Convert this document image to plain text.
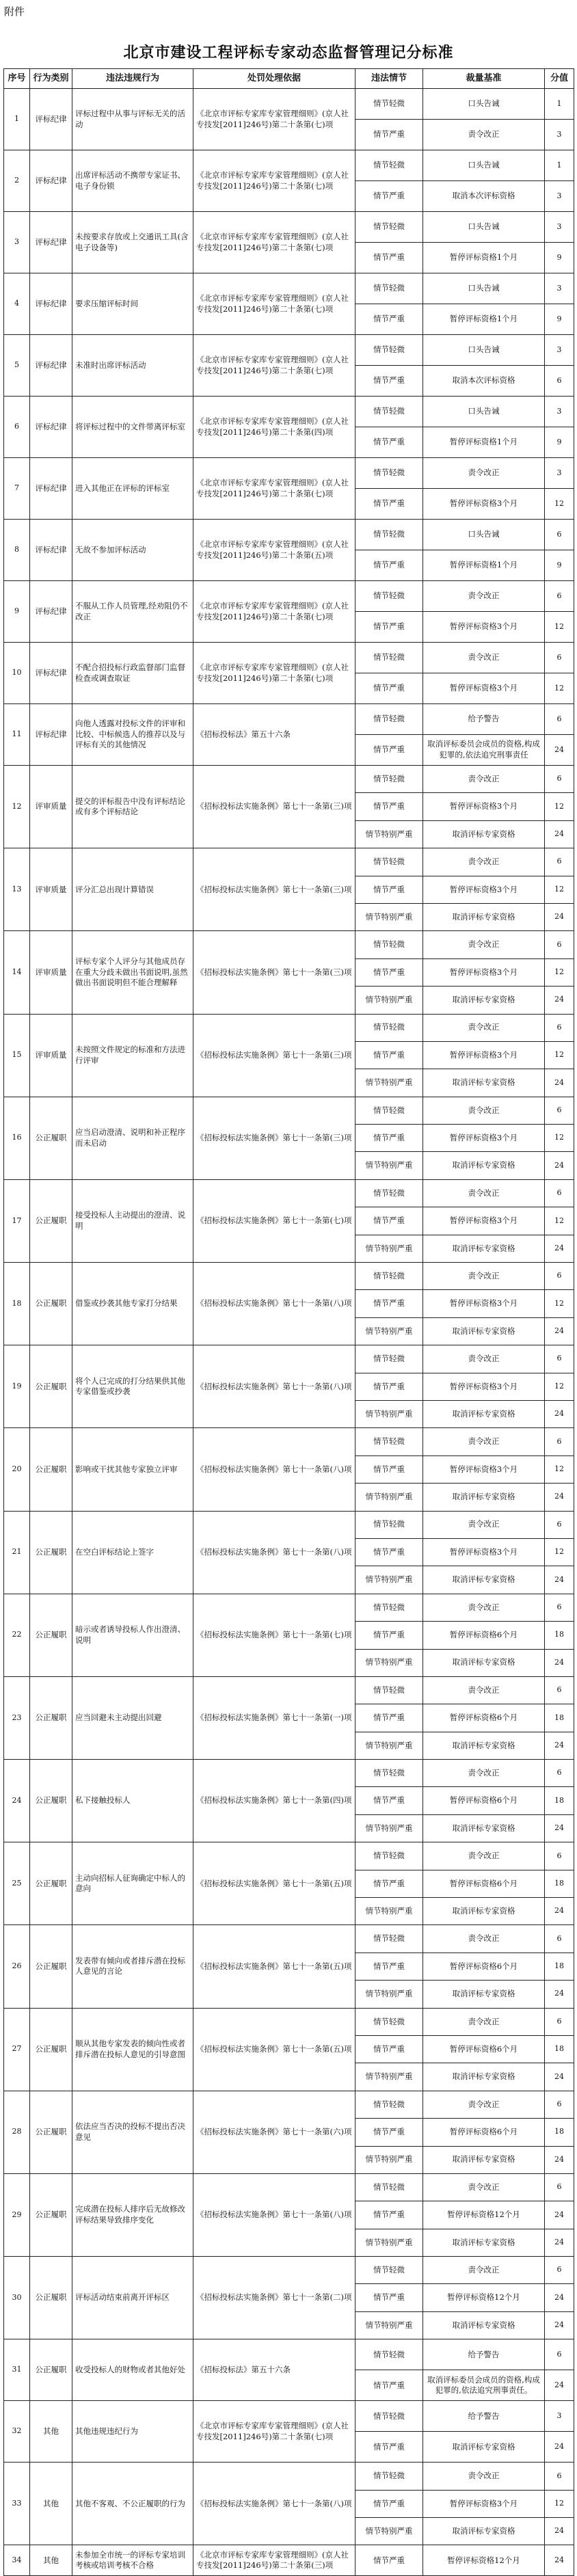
附件
北京市建设工程评标专家动态监督管理记分标准
序号	行为类别	违法违规行为	处罚处理依据	违法情节	裁量基准	分值
1	评标纪律	评标过程中从事与评标无关的活动	《北京市评标专家库专家管理细则》(京人社专技发[2011]246号)第二十条第(七)项	情节轻微	口头告诫	1
				情节严重	责令改正	3
2	评标纪律	出席评标活动不携带专家证书、电子身份锁	《北京市评标专家库专家管理细则》(京人社专技发[2011]246号)第二十条第(七)项	情节轻微	口头告诫	1
				情节严重	取消本次评标资格	3
3	评标纪律	未按要求存放或上交通讯工具(含电子设备等)	《北京市评标专家库专家管理细则》(京人社专技发[2011]246号)第二十条第(七)项	情节轻微	口头告诫	3
				情节严重	暂停评标资格1个月	9
4	评标纪律	要求压缩评标时间	《北京市评标专家库专家管理细则》(京人社专技发[2011]246号)第二十条第(七)项	情节轻微	口头告诫	3
				情节严重	暂停评标资格1个月	9
5	评标纪律	未准时出席评标活动	《北京市评标专家库专家管理细则》(京人社专技发[2011]246号)第二十条第(七)项	情节轻微	口头告诫	3
				情节严重	取消本次评标资格	6
6	评标纪律	将评标过程中的文件带离评标室	《北京市评标专家库专家管理细则》(京人社专技发[2011]246号)第二十条第(四)项	情节轻微	口头告诫	3
				情节严重	暂停评标资格1个月	9
7	评标纪律	进入其他正在评标的评标室	《北京市评标专家库专家管理细则》(京人社专技发[2011]246号)第二十条第(七)项	情节轻微	责令改正	3
				情节严重	暂停评标资格3个月	12
8	评标纪律	无故不参加评标活动	《北京市评标专家库专家管理细则》(京人社专技发[2011]246号)第二十条第(五)项	情节轻微	口头告诫	6
				情节严重	暂停评标资格1个月	9
9	评标纪律	不服从工作人员管理,经劝阻仍不改正	《北京市评标专家库专家管理细则》(京人社专技发[2011]246号)第二十条第(七)项	情节轻微	责令改正	6
				情节严重	暂停评标资格3个月	12
10	评标纪律	不配合招投标行政监督部门监督检查或调查取证	《北京市评标专家库专家管理细则》(京人社专技发[2011]246号)第二十条第(七)项	情节轻微	责令改正	6
				情节严重	暂停评标资格3个月	12
11	评标纪律	向他人透露对投标文件的评审和比较、中标候选人的推荐以及与评标有关的其他情况	《招标投标法》第五十六条	情节轻微	给予警告	6
				情节严重	取消评标委员会成员的资格,构成犯罪的,依法追究刑事责任	24
12	评审质量	提交的评标报告中没有评标结论或有多个评标结论	《招标投标法实施条例》第七十一条第(三)项	情节轻微	责令改正	6
				情节严重	暂停评标资格3个月	12
				情节特别严重	取消评标专家资格	24
13	评审质量	评分汇总出现计算错误	《招标投标法实施条例》第七十一条第(三)项	情节轻微	责令改正	6
				情节严重	暂停评标资格3个月	12
				情节特别严重	取消评标专家资格	24
14	评审质量	评标专家个人评分与其他成员存在重大分歧未做出书面说明,虽然做出书面说明但不能合理解释	《招标投标法实施条例》第七十一条第(三)项	情节轻微	责令改正	6
				情节严重	暂停评标资格3个月	12
				情节特别严重	取消评标专家资格	24
15	评审质量	未按照文件规定的标准和方法进行评审	《招标投标法实施条例》第七十一条第(三)项	情节轻微	责令改正	6
				情节严重	暂停评标资格3个月	12
				情节特别严重	取消评标专家资格	24
16	公正履职	应当启动澄清、说明和补正程序而未启动	《招标投标法实施条例》第七十一条第(三)项	情节轻微	责令改正	6
				情节严重	暂停评标资格3个月	12
				情节特别严重	取消评标专家资格	24
17	公正履职	接受投标人主动提出的澄清、说明	《招标投标法实施条例》第七十一条第(七)项	情节轻微	责令改正	6
				情节严重	暂停评标资格3个月	12
				情节特别严重	取消评标专家资格	24
18	公正履职	借鉴或抄袭其他专家打分结果	《招标投标法实施条例》第七十一条第(八)项	情节轻微	责令改正	6
				情节严重	暂停评标资格3个月	12
				情节特别严重	取消评标专家资格	24
19	公正履职	将个人已完成的打分结果供其他专家借鉴或抄袭	《招标投标法实施条例》第七十一条第(八)项	情节轻微	责令改正	6
				情节严重	暂停评标资格3个月	12
				情节特别严重	取消评标专家资格	24
20	公正履职	影响或干扰其他专家独立评审	《招标投标法实施条例》第七十一条第(八)项	情节轻微	责令改正	6
				情节严重	暂停评标资格3个月	12
				情节特别严重	取消评标专家资格	24
21	公正履职	在空白评标结论上签字	《招标投标法实施条例》第七十一条第(八)项	情节轻微	责令改正	6
				情节严重	暂停评标资格3个月	12
				情节特别严重	取消评标专家资格	24
22	公正履职	暗示或者诱导投标人作出澄清、说明	《招标投标法实施条例》第七十一条第(七)项	情节轻微	责令改正	6
				情节严重	暂停评标资格6个月	18
				情节特别严重	取消评标专家资格	24
23	公正履职	应当回避未主动提出回避	《招标投标法实施条例》第七十一条第(一)项	情节轻微	责令改正	6
				情节严重	暂停评标资格6个月	18
				情节特别严重	取消评标专家资格	24
24	公正履职	私下接触投标人	《招标投标法实施条例》第七十一条第(四)项	情节轻微	责令改正	6
				情节严重	暂停评标资格6个月	18
				情节特别严重	取消评标专家资格	24
25	公正履职	主动向招标人征询确定中标人的意向	《招标投标法实施条例》第七十一条第(五)项	情节轻微	责令改正	6
				情节严重	暂停评标资格6个月	18
				情节特别严重	取消评标专家资格	24
26	公正履职	发表带有倾向或者排斥潜在投标人意见的言论	《招标投标法实施条例》第七十一条第(五)项	情节轻微	责令改正	6
				情节严重	暂停评标资格6个月	18
				情节特别严重	取消评标专家资格	24
27	公正履职	顺从其他专家发表的倾向性或者排斥潜在投标人意见的引导意图	《招标投标法实施条例》第七十一条第(五)项	情节轻微	责令改正	6
				情节严重	暂停评标资格6个月	18
				情节特别严重	取消评标专家资格	24
28	公正履职	依法应当否决的投标不提出否决意见	《招标投标法实施条例》第七十一条第(六)项	情节轻微	责令改正	6
				情节严重	暂停评标资格6个月	18
				情节特别严重	取消评标专家资格	24
29	公正履职	完成潜在投标人排序后无故修改评标结果导致排序变化	《招标投标法实施条例》第七十一条第(八)项	情节轻微	责令改正	6
				情节严重	暂停评标资格12个月	24
				情节特别严重	取消评标专家资格	24
30	公正履职	评标活动结束前离开评标区	《招标投标法实施条例》第七十一条第(二)项	情节轻微	责令改正	6
				情节严重	暂停评标资格12个月	24
				情节特别严重	取消评标专家资格	24
31	公正履职	收受投标人的财物或者其他好处	《招标投标法》第五十六条	情节轻微	给予警告	6
				情节严重	取消评标委员会成员的资格,构成犯罪的,依法追究刑事责任。	24
32	其他	其他违规违纪行为	《北京市评标专家库专家管理细则》(京人社专技发[2011]246号)第二十条第(七)项	情节轻微	给予警告	3
				情节严重	取消评标专家资格	24
33	其他	其他不客观、不公正履职的行为	《招标投标法实施条例》第七十一条第(八)项	情节轻微	责令改正	6
				情节严重	暂停评标资格3个月	12
				情节特别严重	取消评标专家资格	24
34	其他	未参加全市统一的评标专家培训考核或培训考核不合格	《北京市评标专家库专家管理细则》(京人社专技发[2011]246号)第二十条第(三)项	情节严重	暂停评标资格12个月	24
